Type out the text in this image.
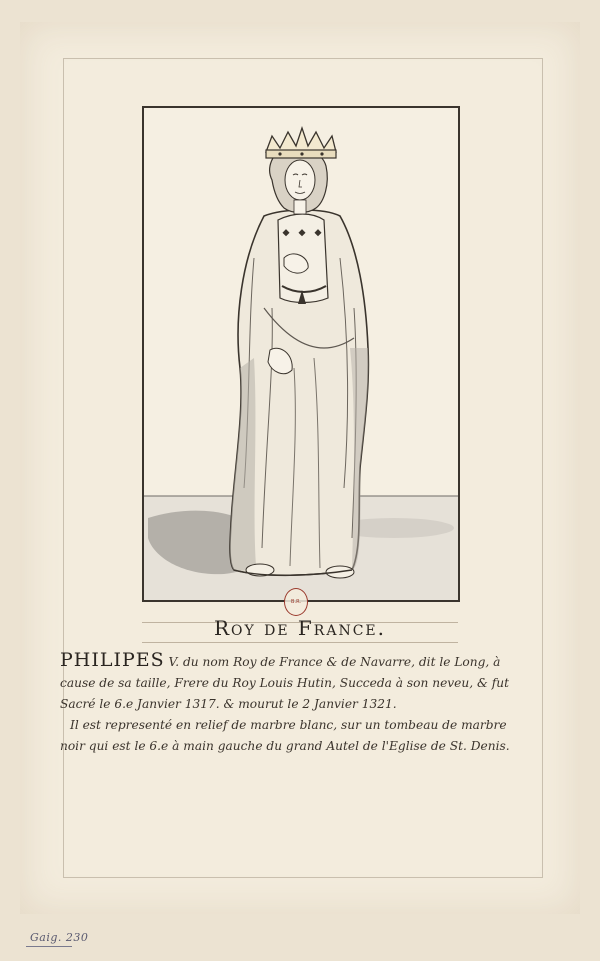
B.R.
Roy de France.

PHILIPES V. du nom Roy de France & de Navarre, dit le Long, à

cause de sa taille, Frere du Roy Louis Hutin, Succeda à son neveu, & fut

Sacré le 6.e Janvier 1317. & mourut le 2 Janvier 1321.

Il est representé en relief de marbre blanc, sur un tombeau de marbre

noir qui est le 6.e à main gauche du grand Autel de l'Eglise de St. Denis.

Gaig. 230
